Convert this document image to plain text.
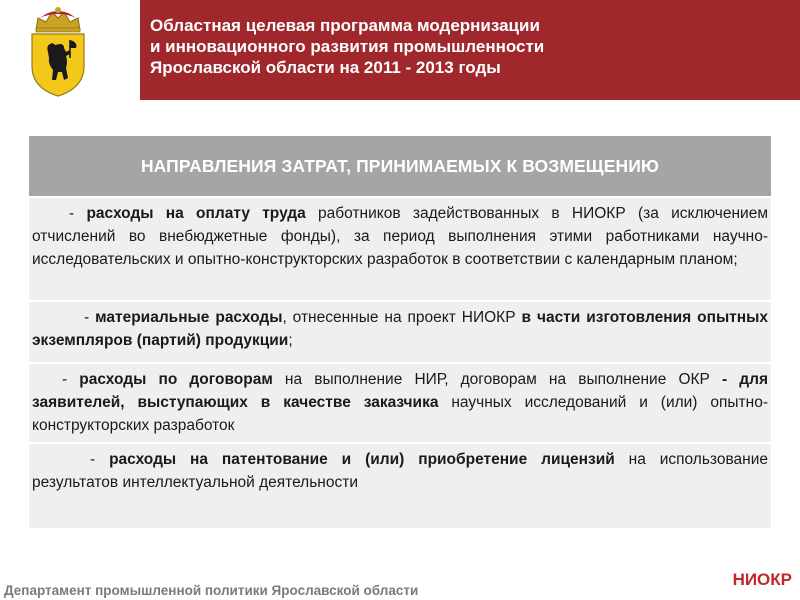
Областная целевая программа модернизации
и инновационного развития промышленности
Ярославской области на 2011 - 2013 годы
НАПРАВЛЕНИЯ ЗАТРАТ, ПРИНИМАЕМЫХ К ВОЗМЕЩЕНИЮ
- расходы на оплату труда работников задействованных в НИОКР (за исключением отчислений во внебюджетные фонды), за период выполнения этими работниками научно-исследовательских и опытно-конструкторских разработок в соответствии с календарным планом;
- материальные расходы, отнесенные на проект НИОКР в части изготовления опытных экземпляров (партий) продукции;
- расходы по договорам на выполнение НИР, договорам на выполнение ОКР - для заявителей, выступающих в качестве заказчика научных исследований и (или) опытно-конструкторских разработок
- расходы на патентование и (или) приобретение лицензий на использование результатов интеллектуальной деятельности
Департамент промышленной политики Ярославской области
НИОКР
